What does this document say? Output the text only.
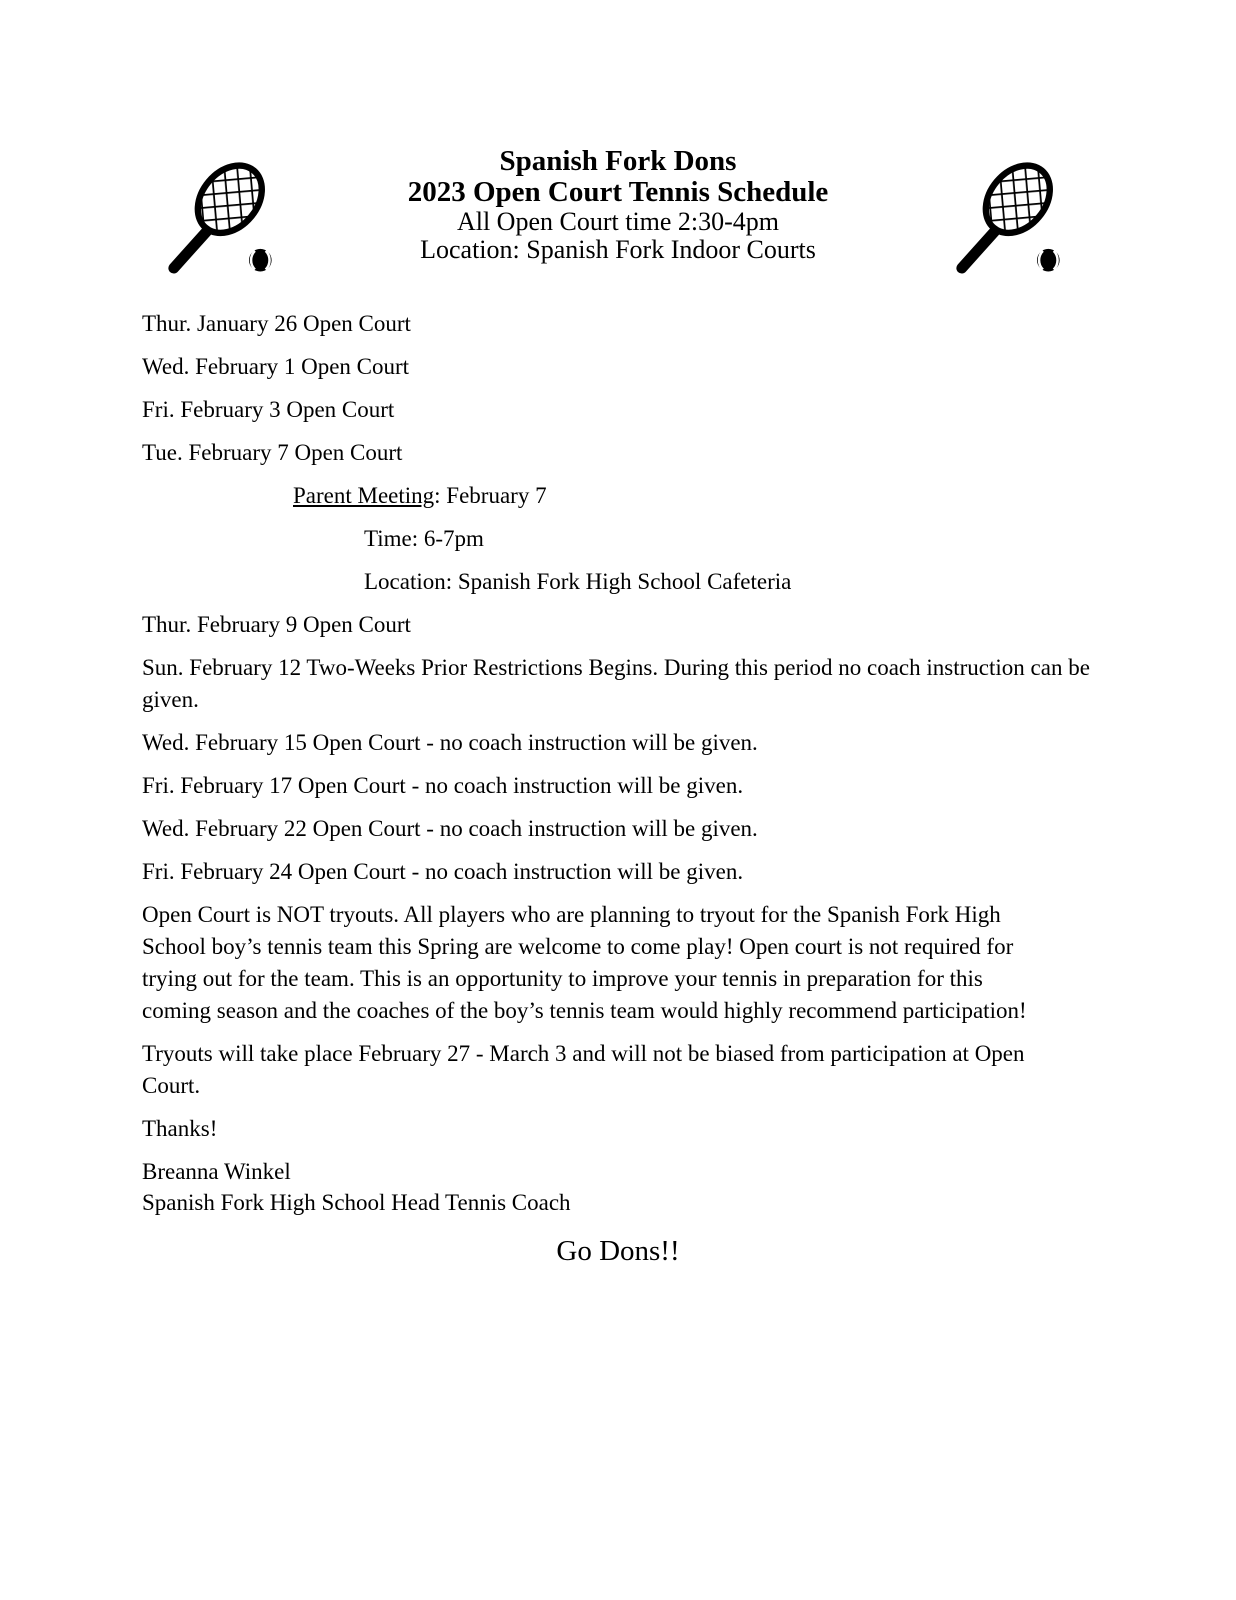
Spanish Fork Dons
2023 Open Court Tennis Schedule
All Open Court time 2:30-4pm
Location: Spanish Fork Indoor Courts
Thur. January 26 Open Court
Wed. February 1 Open Court
Fri. February 3 Open Court
Tue. February 7 Open Court
Parent Meeting: February 7
Time: 6-7pm
Location: Spanish Fork High School Cafeteria
Thur. February 9 Open Court
Sun. February 12 Two-Weeks Prior Restrictions Begins. During this period no coach instruction can be
given.
Wed. February 15 Open Court - no coach instruction will be given.
Fri. February 17 Open Court - no coach instruction will be given.
Wed. February 22 Open Court - no coach instruction will be given.
Fri. February 24 Open Court - no coach instruction will be given.
Open Court is NOT tryouts. All players who are planning to tryout for the Spanish Fork High
School boy’s tennis team this Spring are welcome to come play! Open court is not required for
trying out for the team. This is an opportunity to improve your tennis in preparation for this
coming season and the coaches of the boy’s tennis team would highly recommend participation!
Tryouts will take place February 27 - March 3 and will not be biased from participation at Open
Court.
Thanks!
Breanna Winkel
Spanish Fork High School Head Tennis Coach
Go Dons!!
